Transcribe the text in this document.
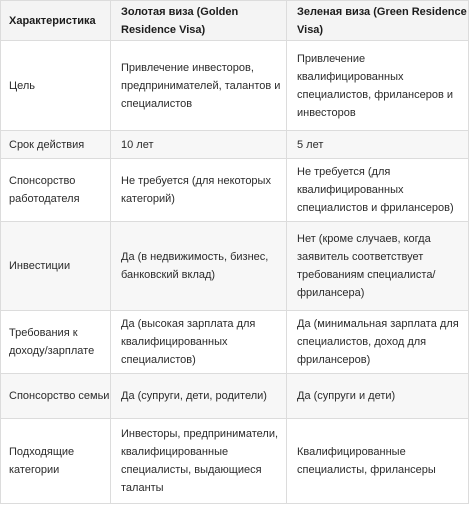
Характеристика	Золотая виза (Golden Residence Visa)	Зеленая виза (Green Residence Visa)
Цель	Привлечение инвесторов, предпринимателей, талантов и специалистов	Привлечение квалифицированных специалистов, фрилансеров и инвесторов
Срок действия	10 лет	5 лет
Спонсорство работодателя	Не требуется (для некоторых категорий)	Не требуется (для квалифицированных специалистов и фрилансеров)
Инвестиции	Да (в недвижимость, бизнес, банковский вклад)	Нет (кроме случаев, когда заявитель соответствует требованиям специалиста/фрилансера)
Требования к доходу/зарплате	Да (высокая зарплата для квалифицированных специалистов)	Да (минимальная зарплата для специалистов, доход для фрилансеров)
Спонсорство семьи	Да (супруги, дети, родители)	Да (супруги и дети)
Подходящие категории	Инвесторы, предприниматели, квалифицированные специалисты, выдающиеся таланты	Квалифицированные специалисты, фрилансеры
